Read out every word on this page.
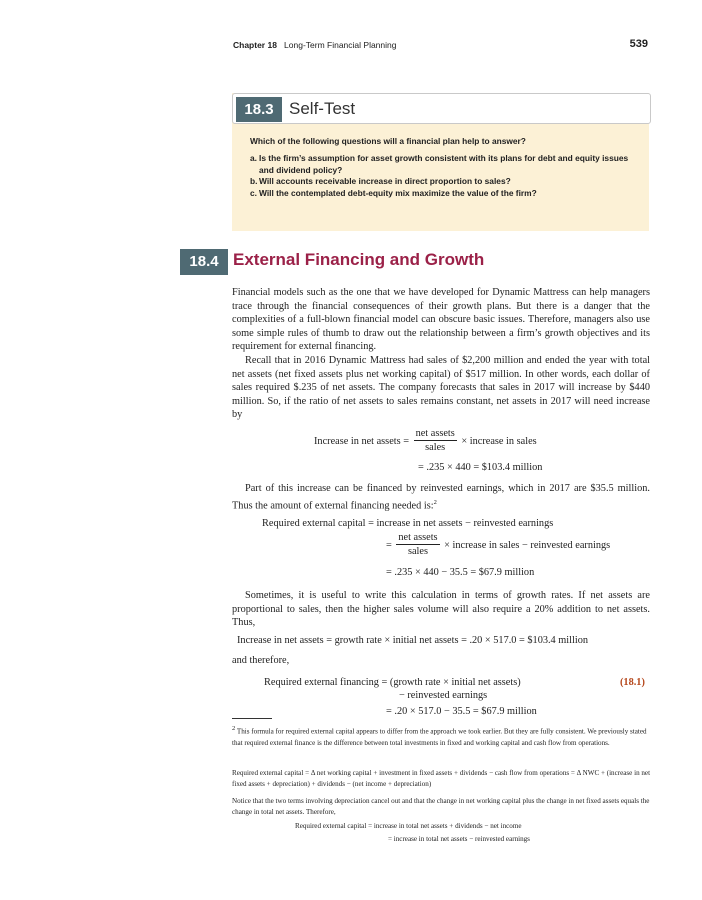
Chapter 18 Long-Term Financial Planning	539
18.3 Self-Test
Which of the following questions will a financial plan help to answer?
a. Is the firm’s assumption for asset growth consistent with its plans for debt and equity issues and dividend policy?
b. Will accounts receivable increase in direct proportion to sales?
c. Will the contemplated debt-equity mix maximize the value of the firm?
18.4 External Financing and Growth
Financial models such as the one that we have developed for Dynamic Mattress can help managers trace through the financial consequences of their growth plans. But there is a danger that the complexities of a full-blown financial model can obscure basic issues. Therefore, managers also use some simple rules of thumb to draw out the relationship between a firm’s growth objectives and its requirement for external financing.
Recall that in 2016 Dynamic Mattress had sales of $2,200 million and ended the year with total net assets (net fixed assets plus net working capital) of $517 million. In other words, each dollar of sales required $.235 of net assets. The company forecasts that sales in 2017 will increase by $440 million. So, if the ratio of net assets to sales remains constant, net assets in 2017 will need increase by
Increase in net assets = $\frac{\text{net assets}}{\text{sales}}$ × increase in sales
= .235 × 440 = $103.4 million
Part of this increase can be financed by reinvested earnings, which in 2017 are $35.5 million. Thus the amount of external financing needed is:$^2$
Required external capital = increase in net assets − reinvested earnings
= $\frac{\text{net assets}}{\text{sales}}$ × increase in sales − reinvested earnings
= .235 × 440 − 35.5 = $67.9 million
Sometimes, it is useful to write this calculation in terms of growth rates. If net assets are proportional to sales, then the higher sales volume will also require a 20% addition to net assets. Thus,
Increase in net assets = growth rate × initial net assets = .20 × 517.0 = $103.4 million
and therefore,
Required external financing = (growth rate × initial net assets)
− reinvested earnings
= .20 × 517.0 − 35.5 = $67.9 million
(18.1)
$^2$ This formula for required external capital appears to differ from the approach we took earlier. But they are fully consistent. We previously stated that required external finance is the difference between total investments in fixed and working capital and cash flow from operations.
Required external capital = Δ net working capital + investment in fixed assets + dividends − cash flow from operations = Δ NWC + (increase in net fixed assets + depreciation) + dividends − (net income + depreciation)
Notice that the two terms involving depreciation cancel out and that the change in net working capital plus the change in net fixed assets equals the change in total net assets. Therefore,
Required external capital = increase in total net assets + dividends − net income
= increase in total net assets − reinvested earnings
